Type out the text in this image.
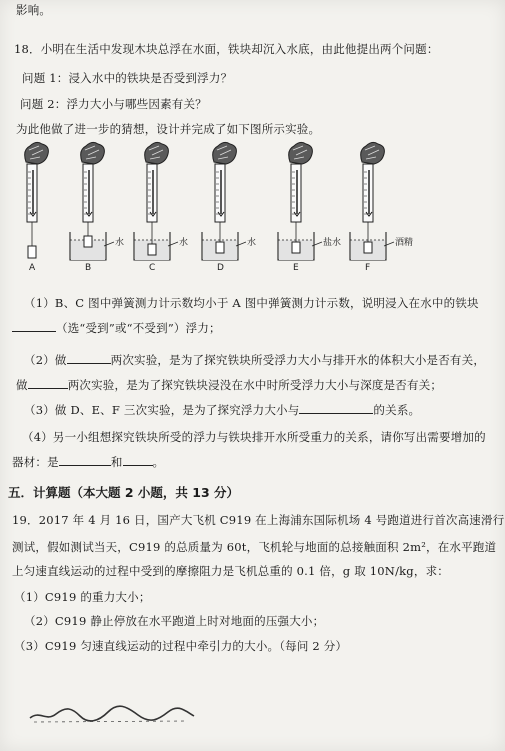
影响。
18．小明在生活中发现木块总浮在水面，铁块却沉入水底，由此他提出两个问题：
问题 1：浸入水中的铁块是否受到浮力？
问题 2：浮力大小与哪些因素有关？
为此他做了进一步的猜想，设计并完成了如下图所示实验。
A
水
B
水
C
水
D
盐水
E
酒精
F
（1）B、C 图中弹簧测力计示数均小于 A 图中弹簧测力计示数，说明浸入在水中的铁块
（选“受到”或“不受到”）浮力；
（2）做	两次实验，是为了探究铁块所受浮力大小与排开水的体积大小是否有关，
做	两次实验，是为了探究铁块浸没在水中时所受浮力大小与深度是否有关；
（3）做 D、E、F 三次实验，是为了探究浮力大小与	的关系。
（4）另一小组想探究铁块所受的浮力与铁块排开水所受重力的关系，请你写出需要增加的
器材：是	和	。
五．计算题（本大题 2 小题，共 13 分）
19．2017 年 4 月 16 日，国产大飞机 C919 在上海浦东国际机场 4 号跑道进行首次高速滑行
测试，假如测试当天，C919 的总质量为 60t，飞机轮与地面的总接触面积 2m²，在水平跑道
上匀速直线运动的过程中受到的摩擦阻力是飞机总重的 0.1 倍，g 取 10N/kg，求：
（1）C919 的重力大小；
（2）C919 静止停放在水平跑道上时对地面的压强大小；
（3）C919 匀速直线运动的过程中牵引力的大小。（每问 2 分）
